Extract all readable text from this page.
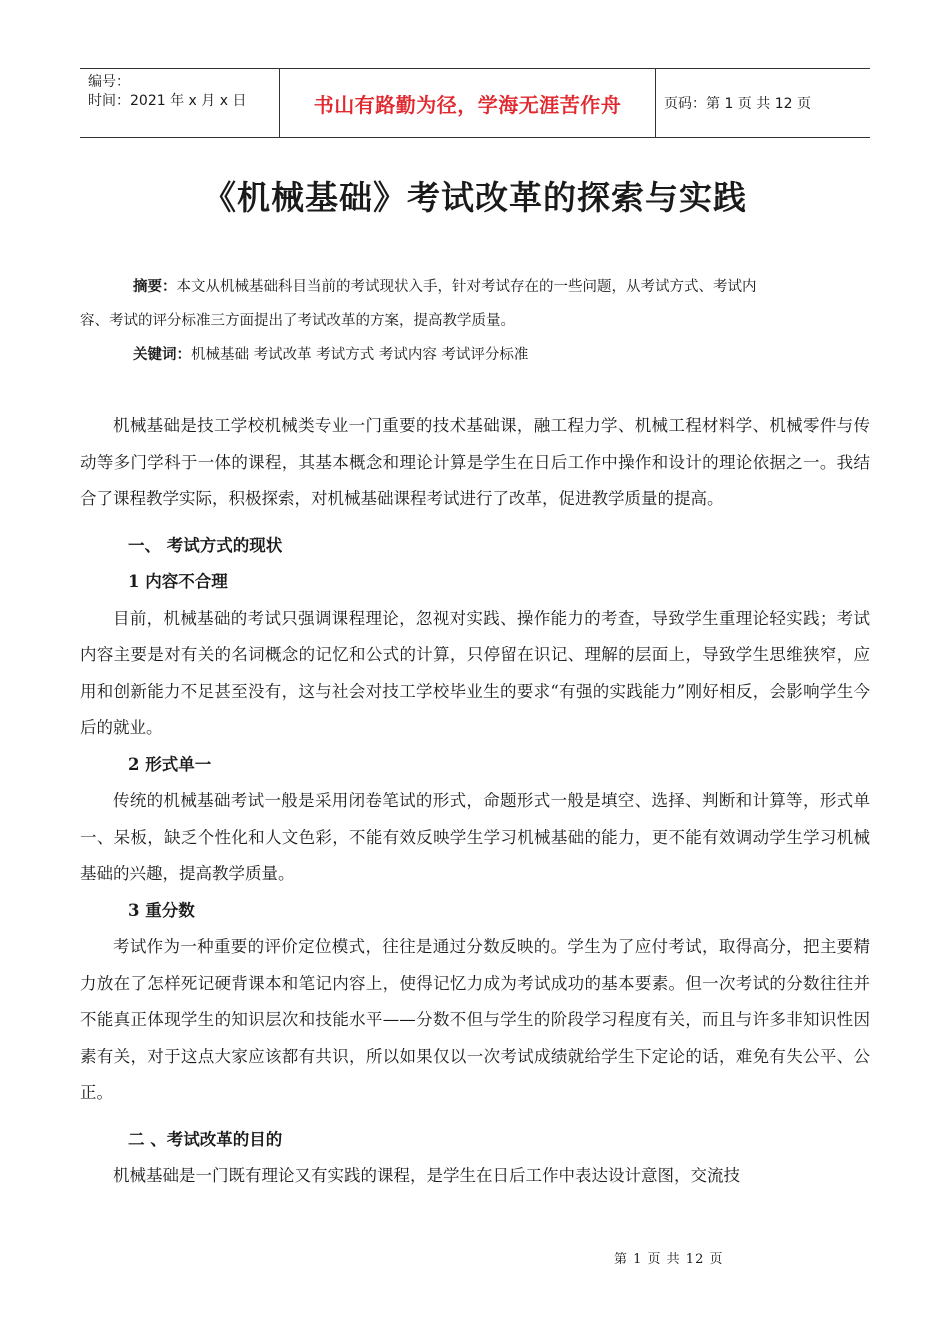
编号：
时间：2021 年 x 月 x 日	书山有路勤为径，学海无涯苦作舟	页码：第 1 页 共 12 页
《机械基础》考试改革的探索与实践
摘要：本文从机械基础科目当前的考试现状入手，针对考试存在的一些问题，从考试方式、考试内
容、考试的评分标准三方面提出了考试改革的方案，提高教学质量。
关键词：机械基础 考试改革 考试方式 考试内容 考试评分标准

机械基础是技工学校机械类专业一门重要的技术基础课，融工程力学、机械工程材料学、机械零件与传动等多门学科于一体的课程，其基本概念和理论计算是学生在日后工作中操作和设计的理论依据之一。我结合了课程教学实际，积极探索，对机械基础课程考试进行了改革，促进教学质量的提高。

一、 考试方式的现状
1 内容不合理

目前，机械基础的考试只强调课程理论，忽视对实践、操作能力的考查，导致学生重理论轻实践；考试内容主要是对有关的名词概念的记忆和公式的计算，只停留在识记、理解的层面上，导致学生思维狭窄，应用和创新能力不足甚至没有，这与社会对技工学校毕业生的要求“有强的实践能力”刚好相反，会影响学生今后的就业。

2 形式单一

传统的机械基础考试一般是采用闭卷笔试的形式，命题形式一般是填空、选择、判断和计算等，形式单一、呆板，缺乏个性化和人文色彩，不能有效反映学生学习机械基础的能力，更不能有效调动学生学习机械基础的兴趣，提高教学质量。

3 重分数

考试作为一种重要的评价定位模式，往往是通过分数反映的。学生为了应付考试，取得高分，把主要精力放在了怎样死记硬背课本和笔记内容上，使得记忆力成为考试成功的基本要素。但一次考试的分数往往并不能真正体现学生的知识层次和技能水平——分数不但与学生的阶段学习程度有关，而且与许多非知识性因素有关，对于这点大家应该都有共识，所以如果仅以一次考试成绩就给学生下定论的话，难免有失公平、公正。

二 、考试改革的目的

机械基础是一门既有理论又有实践的课程，是学生在日后工作中表达设计意图，交流技

第 1 页 共 12 页
